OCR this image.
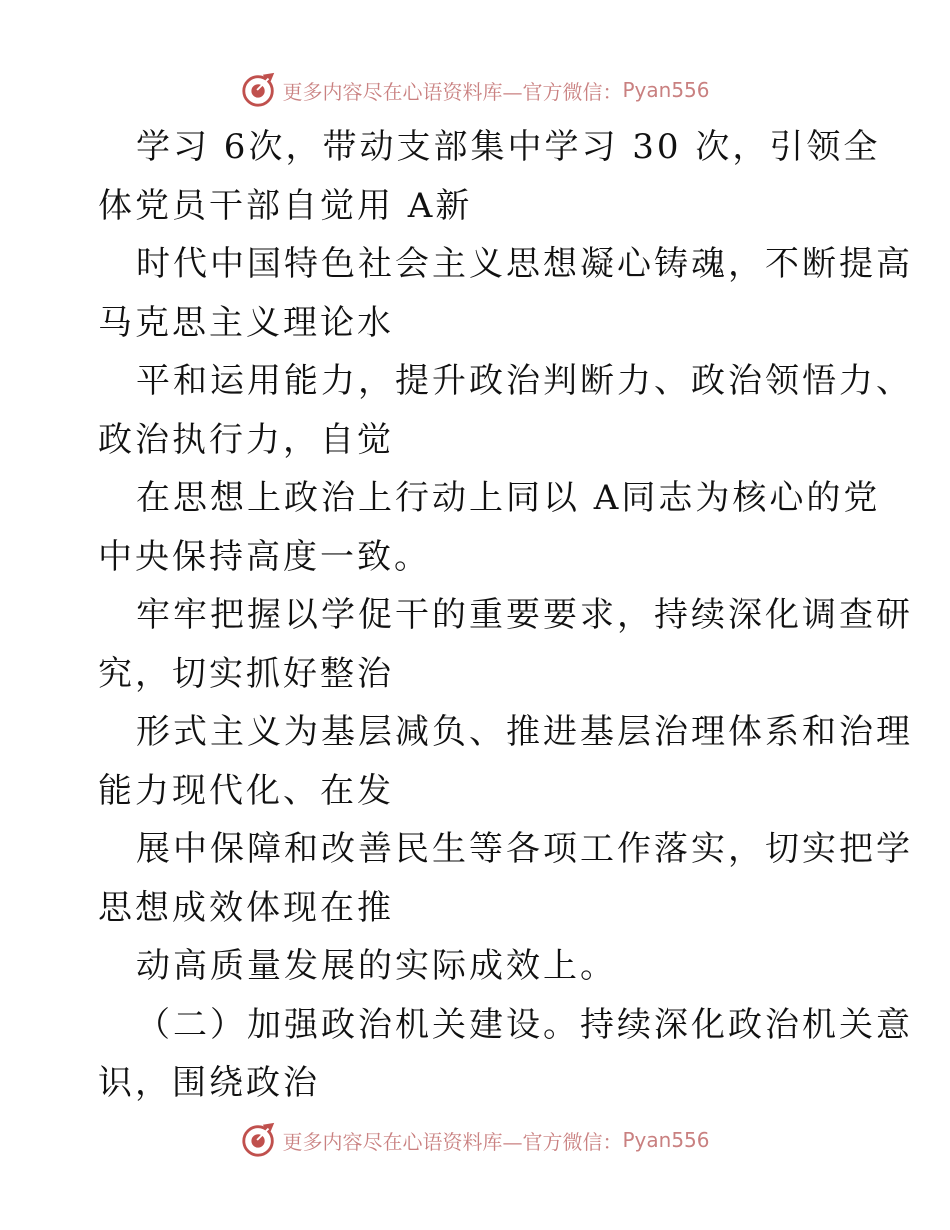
更多内容尽在心语资料库—官方微信： Pyan556

学习 6次，带动支部集中学习 30 次，引领全
体党员干部自觉用 A新

时代中国特色社会主义思想凝心铸魂，不断提高
马克思主义理论水

平和运用能力，提升政治判断力、政治领悟力、
政治执行力，自觉

在思想上政治上行动上同以 A同志为核心的党
中央保持高度一致。

牢牢把握以学促干的重要要求，持续深化调查研
究，切实抓好整治

形式主义为基层减负、推进基层治理体系和治理
能力现代化、在发

展中保障和改善民生等各项工作落实，切实把学
思想成效体现在推

动高质量发展的实际成效上。

（二）加强政治机关建设。持续深化政治机关意
识，围绕政治

更多内容尽在心语资料库—官方微信： Pyan556
